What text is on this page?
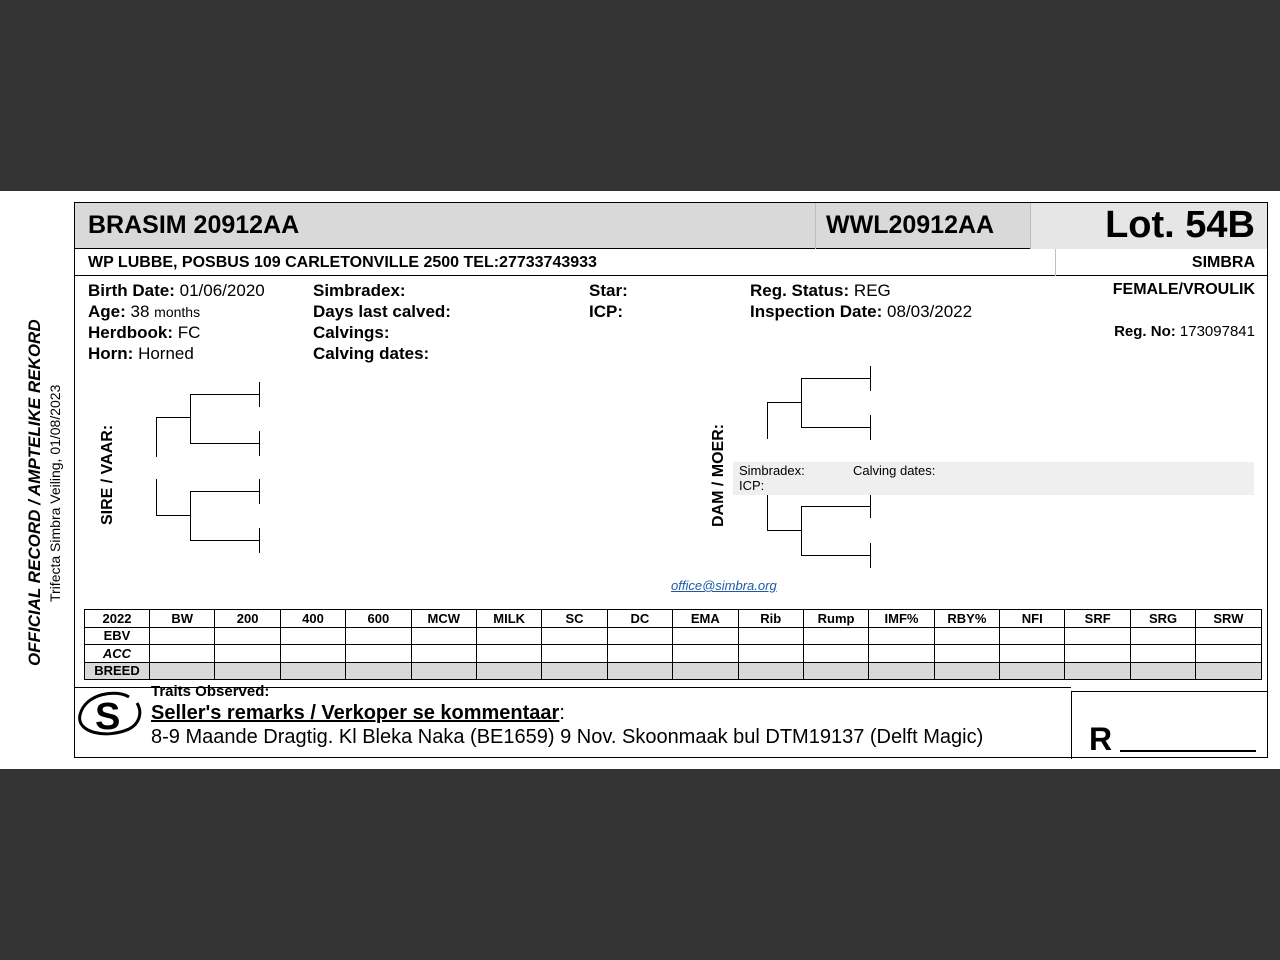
OFFICIAL RECORD / AMPTELIKE REKORD Trifecta Simbra Veiling, 01/08/2023
BRASIM 20912AA	WWL20912AA	Lot. 54B
WP LUBBE, POSBUS 109 CARLETONVILLE 2500 TEL:27733743933	SIMBRA
Birth Date: 01/06/2020
Age: 38 months
Herdbook: FC
Horn: Horned
Simbradex:
Days last calved:
Calvings:
Calving dates:
Star:
ICP:
Reg. Status: REG
Inspection Date: 08/03/2022
FEMALE/VROULIK
Reg. No: 173097841
SIRE / VAAR:	DAM / MOER: Simbradex:	Calving dates:
ICP:
office@simbra.org
2022	BW	200	400	600	MCW	MILK	SC	DC	EMA	Rib	Rump	IMF%	RBY%	NFI	SRF	SRG	SRW
EBV																	
ACC																	
BREED																	
S
Traits Observed:
Seller's remarks / Verkoper se kommentaar:
8-9 Maande Dragtig. Kl Bleka Naka (BE1659) 9 Nov. Skoonmaak bul DTM19137 (Delft Magic)	R
